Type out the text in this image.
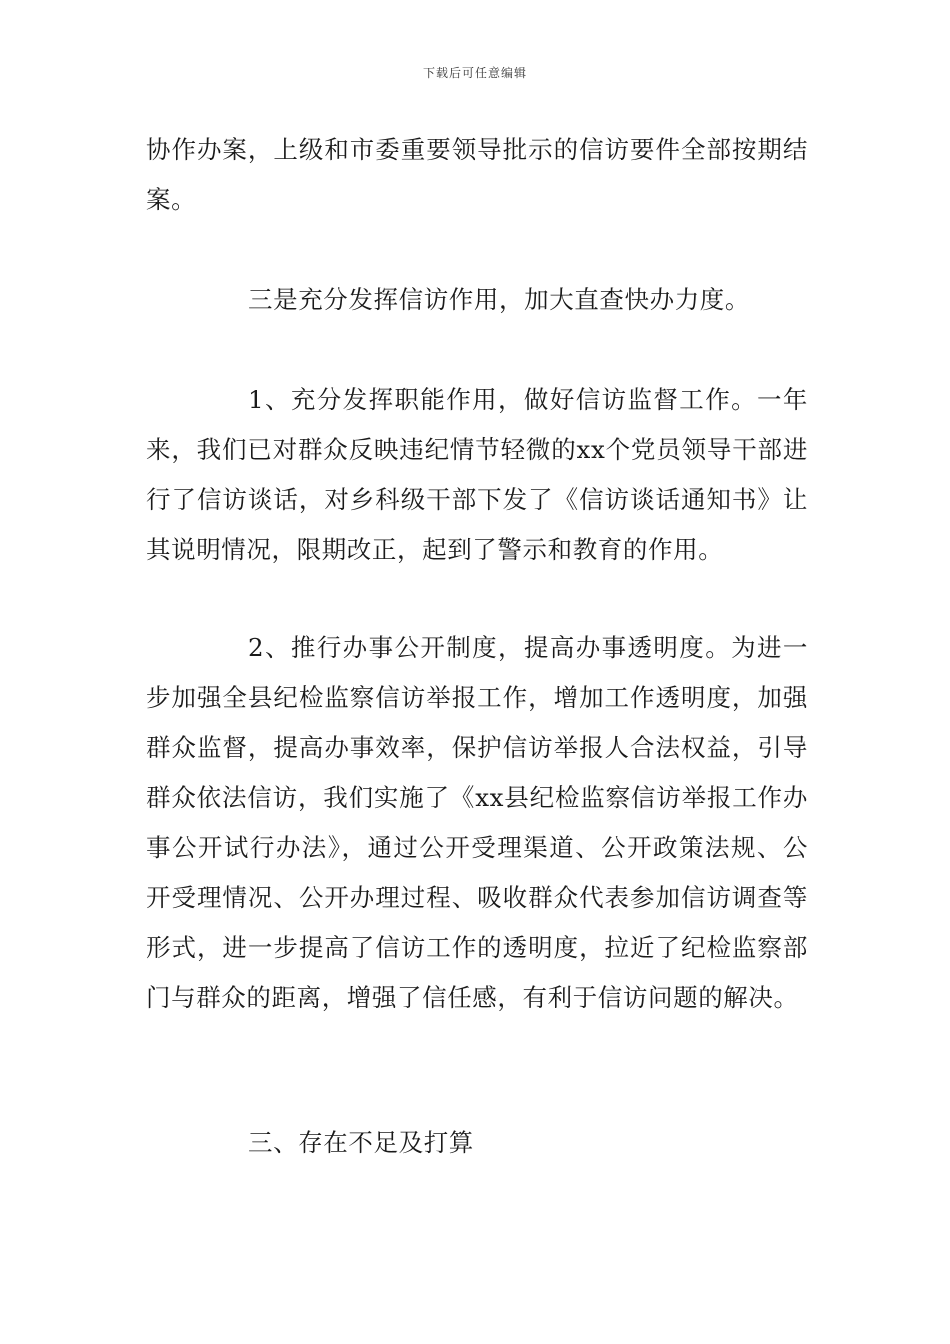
下载后可任意编辑

协作办案，上级和市委重要领导批示的信访要件全部按期结案。

三是充分发挥信访作用，加大直查快办力度。

1、充分发挥职能作用，做好信访监督工作。一年来，我们已对群众反映违纪情节轻微的xx个党员领导干部进行了信访谈话，对乡科级干部下发了《信访谈话通知书》让其说明情况，限期改正，起到了警示和教育的作用。

2、推行办事公开制度，提高办事透明度。为进一步加强全县纪检监察信访举报工作，增加工作透明度，加强群众监督，提高办事效率，保护信访举报人合法权益，引导群众依法信访，我们实施了《xx县纪检监察信访举报工作办事公开试行办法》，通过公开受理渠道、公开政策法规、公开受理情况、公开办理过程、吸收群众代表参加信访调查等形式，进一步提高了信访工作的透明度，拉近了纪检监察部门与群众的距离，增强了信任感，有利于信访问题的解决。

三、存在不足及打算
